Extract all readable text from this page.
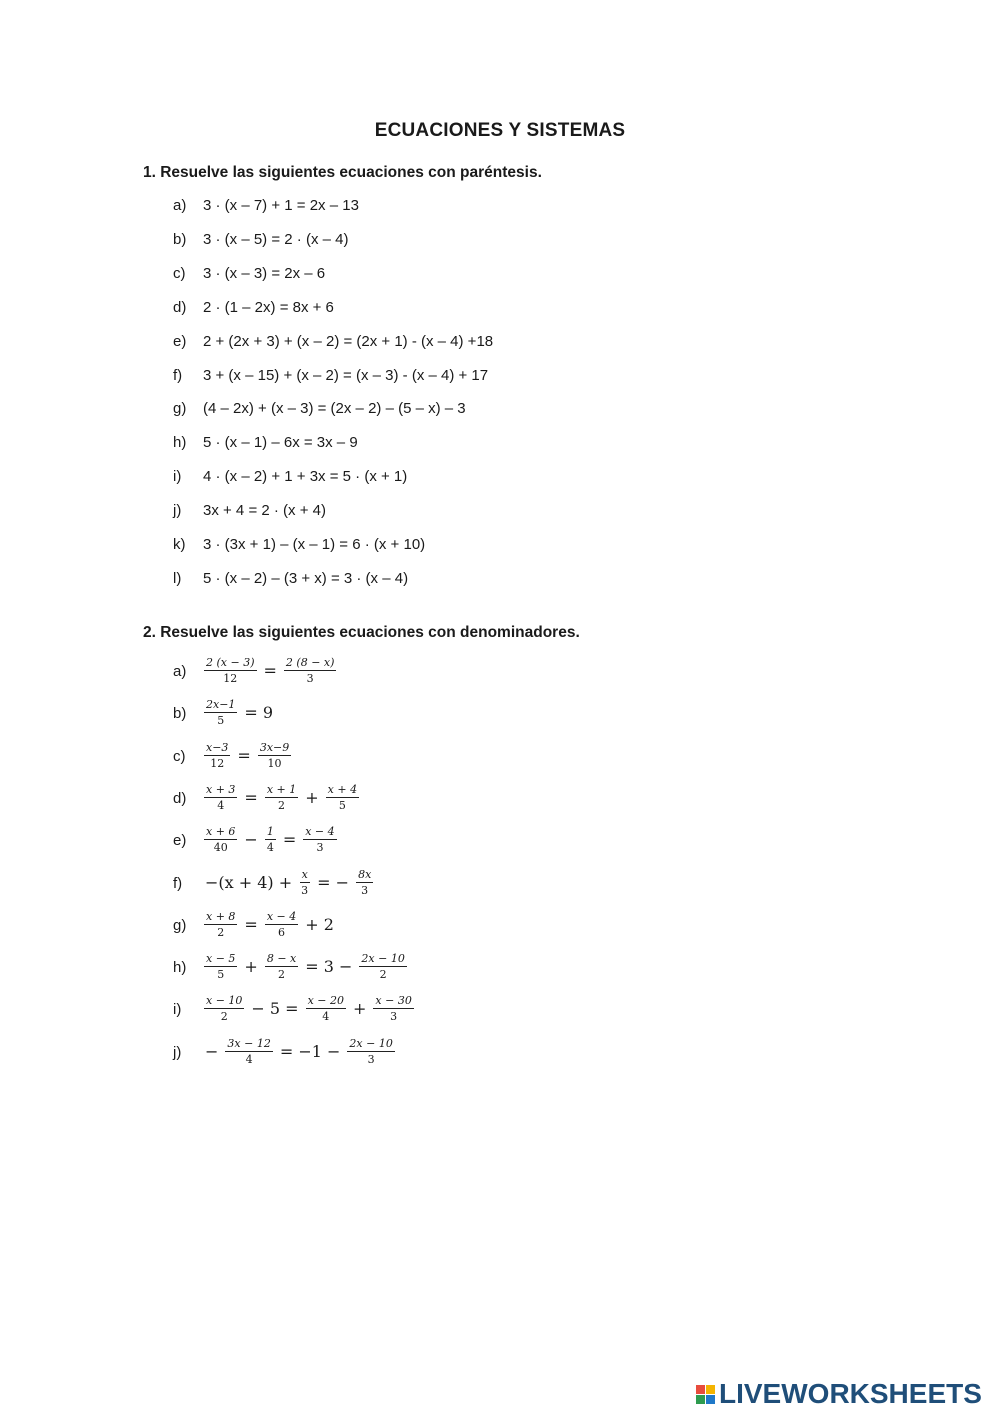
ECUACIONES Y SISTEMAS
1. Resuelve las siguientes ecuaciones con paréntesis.
a)	3 · (x – 7) + 1 = 2x – 13
b)	3 · (x – 5) = 2 · (x – 4)
c)	3 · (x – 3) = 2x – 6
d)	2 · (1 – 2x) = 8x + 6
e)	2 + (2x + 3) + (x – 2) = (2x + 1) - (x – 4) +18
f)	3 + (x – 15) + (x – 2) = (x – 3) - (x – 4) + 17
g)	(4 – 2x) + (x – 3) = (2x – 2) – (5 – x) – 3
h)	5 · (x – 1) – 6x = 3x – 9
i)	4 · (x – 2) + 1 + 3x = 5 · (x + 1)
j)	3x + 4 = 2 · (x + 4)
k)	3 · (3x + 1) – (x – 1) = 6 · (x + 10)
l)	5 · (x – 2) – (3 + x) = 3 · (x – 4)
2. Resuelve las siguientes ecuaciones con denominadores.
a)	$\frac{2 (x - 3)}{12} = \frac{2 (8 - x)}{3}$
b)	$\frac{2x-1}{5} = 9$
c)	$\frac{x-3}{12} = \frac{3x-9}{10}$
d)	$\frac{x + 3}{4} = \frac{x + 1}{2} + \frac{x + 4}{5}$
e)	$\frac{x + 6}{40} - \frac{1}{4} = \frac{x - 4}{3}$
f)	$-(x + 4) + \frac{x}{3}$ = − $\frac{8x}{3}$
g)	$\frac{x + 8}{2} = \frac{x - 4}{6} + 2$
h)	$\frac{x - 5}{5} + \frac{8 - x}{2} = 3 - \frac{2x - 10}{2}$
i)	$\frac{x - 10}{2} - 5 = \frac{x - 20}{4} + \frac{x - 30}{3}$
j)	− $\frac{3x - 12}{4} = -1 - \frac{2x - 10}{3}$
LIVEWORKSHEETS
